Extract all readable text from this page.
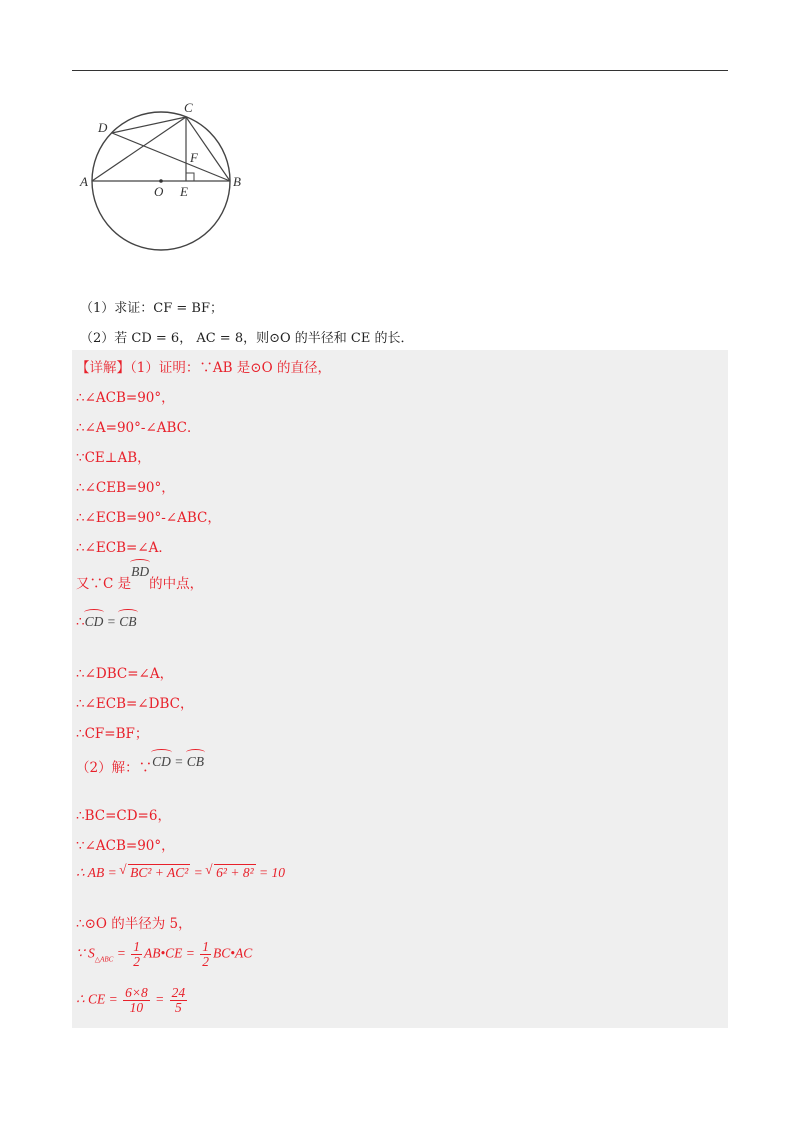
A	B
C
D
E
F
O
（1）求证：CF = BF；
（2）若 CD = 6， AC = 8，则⊙O 的半径和 CE 的长．
【详解】（1）证明：∵AB 是⊙O 的直径，
∴∠ACB=90°，
∴∠A=90°-∠ABC．
∵CE⊥AB，
∴∠CEB=90°，
∴∠ECB=90°-∠ABC，
∴∠ECB=∠A．
又∵C 是BD的中点，
∴CD = CB
∴∠DBC=∠A，
∴∠ECB=∠DBC，
∴CF=BF；
（2）解：∵CD = CB
∴BC=CD=6，
∵∠ACB=90°，
∴ AB = √ BC² + AC² = √ 6² + 8² = 10
∴⊙O 的半径为 5，
∵ $S_{\triangle ABC} = \frac{1}{2}$ AB•CE = $\frac{1}{2}$ BC•AC
∴ CE = $\frac{6\times 8}{10} = \frac{24}{5}$
